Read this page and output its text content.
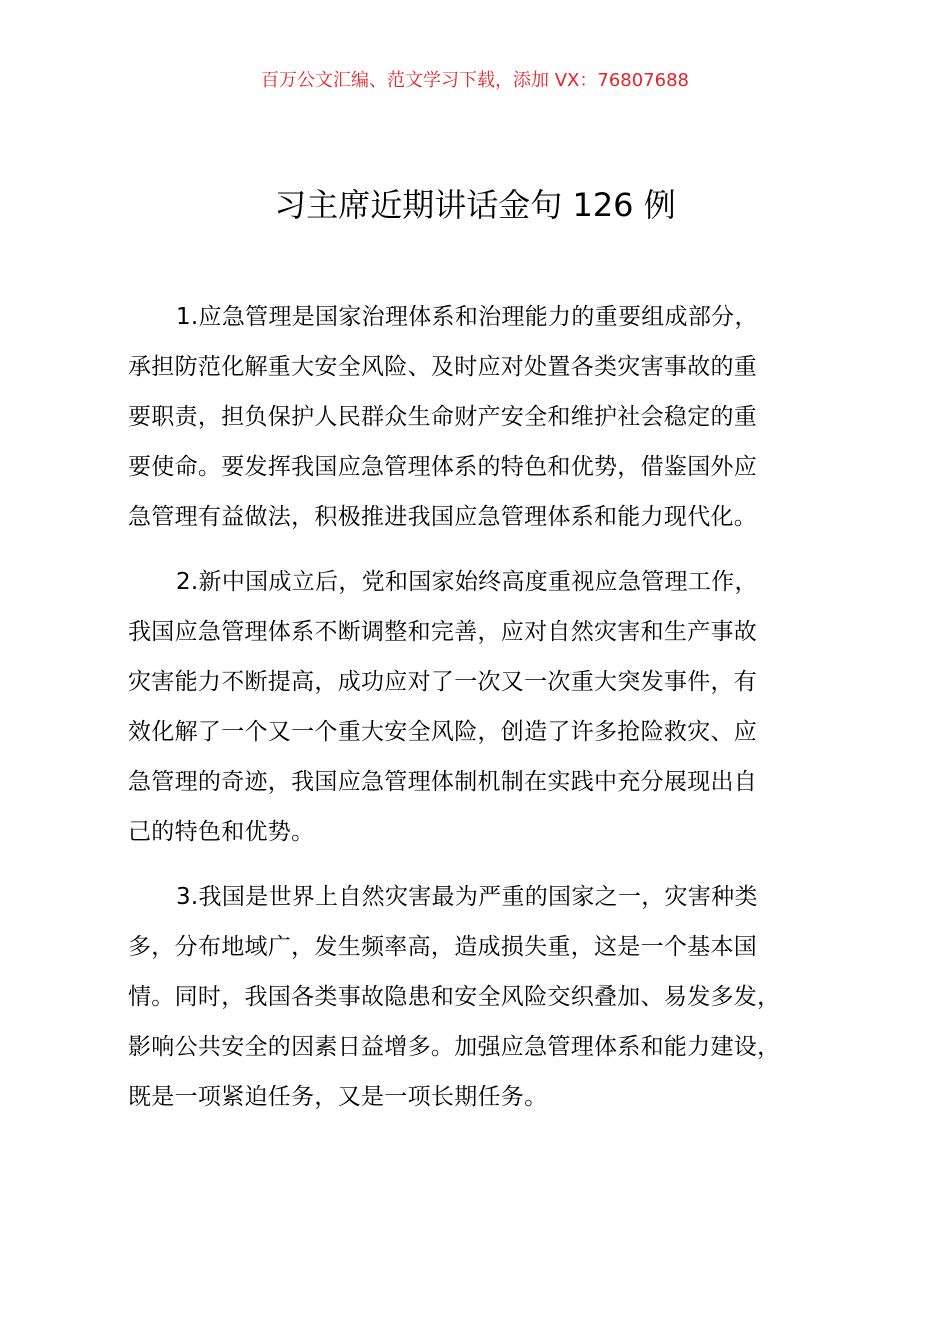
百万公文汇编、范文学习下载，添加 VX：76807688
习主席近期讲话金句 126 例
1.应急管理是国家治理体系和治理能力的重要组成部分，
承担防范化解重大安全风险、及时应对处置各类灾害事故的重
要职责，担负保护人民群众生命财产安全和维护社会稳定的重
要使命。要发挥我国应急管理体系的特色和优势，借鉴国外应
急管理有益做法，积极推进我国应急管理体系和能力现代化。
2.新中国成立后，党和国家始终高度重视应急管理工作，
我国应急管理体系不断调整和完善，应对自然灾害和生产事故
灾害能力不断提高，成功应对了一次又一次重大突发事件，有
效化解了一个又一个重大安全风险，创造了许多抢险救灾、应
急管理的奇迹，我国应急管理体制机制在实践中充分展现出自
己的特色和优势。
3.我国是世界上自然灾害最为严重的国家之一，灾害种类
多，分布地域广，发生频率高，造成损失重，这是一个基本国
情。同时，我国各类事故隐患和安全风险交织叠加、易发多发，
影响公共安全的因素日益增多。加强应急管理体系和能力建设，
既是一项紧迫任务，又是一项长期任务。
